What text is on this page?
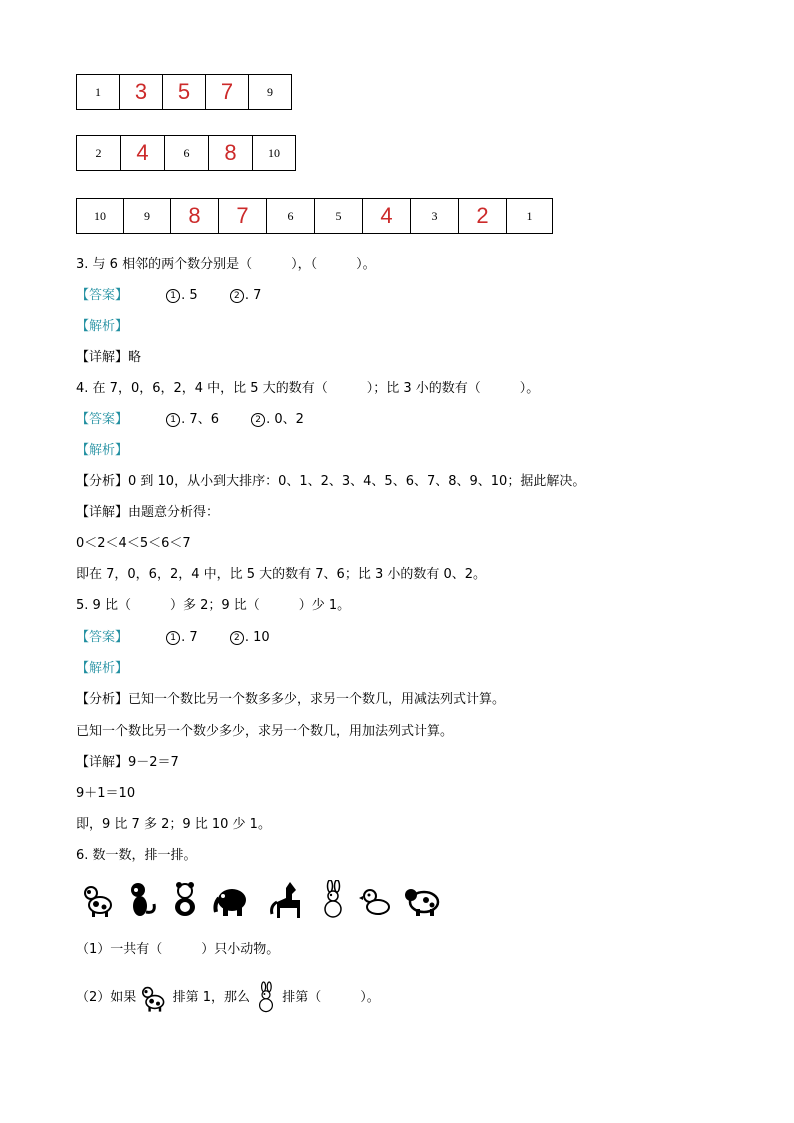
1	3	5	7	9
2	4	6	8	10
10	9	8	7	6	5	4	3	2	1
3. 与 6 相邻的两个数分别是（　　　），（　　　）。
【答案】	1 . 5	2 . 7
【解析】
【详解】略
4. 在 7，0，6，2，4 中，比 5 大的数有（　　　）；比 3 小的数有（　　　）。
【答案】	1 . 7、6	2 . 0、2
【解析】
【分析】0 到 10，从小到大排序：0、1、2、3、4、5、6、7、8、9、10；据此解决。
【详解】由题意分析得：
0＜2＜4＜5＜6＜7
即在 7，0，6，2，4 中，比 5 大的数有 7、6；比 3 小的数有 0、2。
5. 9 比（　　　）多 2；9 比（　　　）少 1。
【答案】	1 . 7	2 . 10
【解析】
【分析】已知一个数比另一个数多多少，求另一个数几，用减法列式计算。
已知一个数比另一个数少多少，求另一个数几，用加法列式计算。
【详解】9－2＝7
9＋1＝10
即，9 比 7 多 2；9 比 10 少 1。
6. 数一数，排一排。
（1）一共有（　　　）只小动物。
（2）如果	排第 1，那么 排第（　　　）。
